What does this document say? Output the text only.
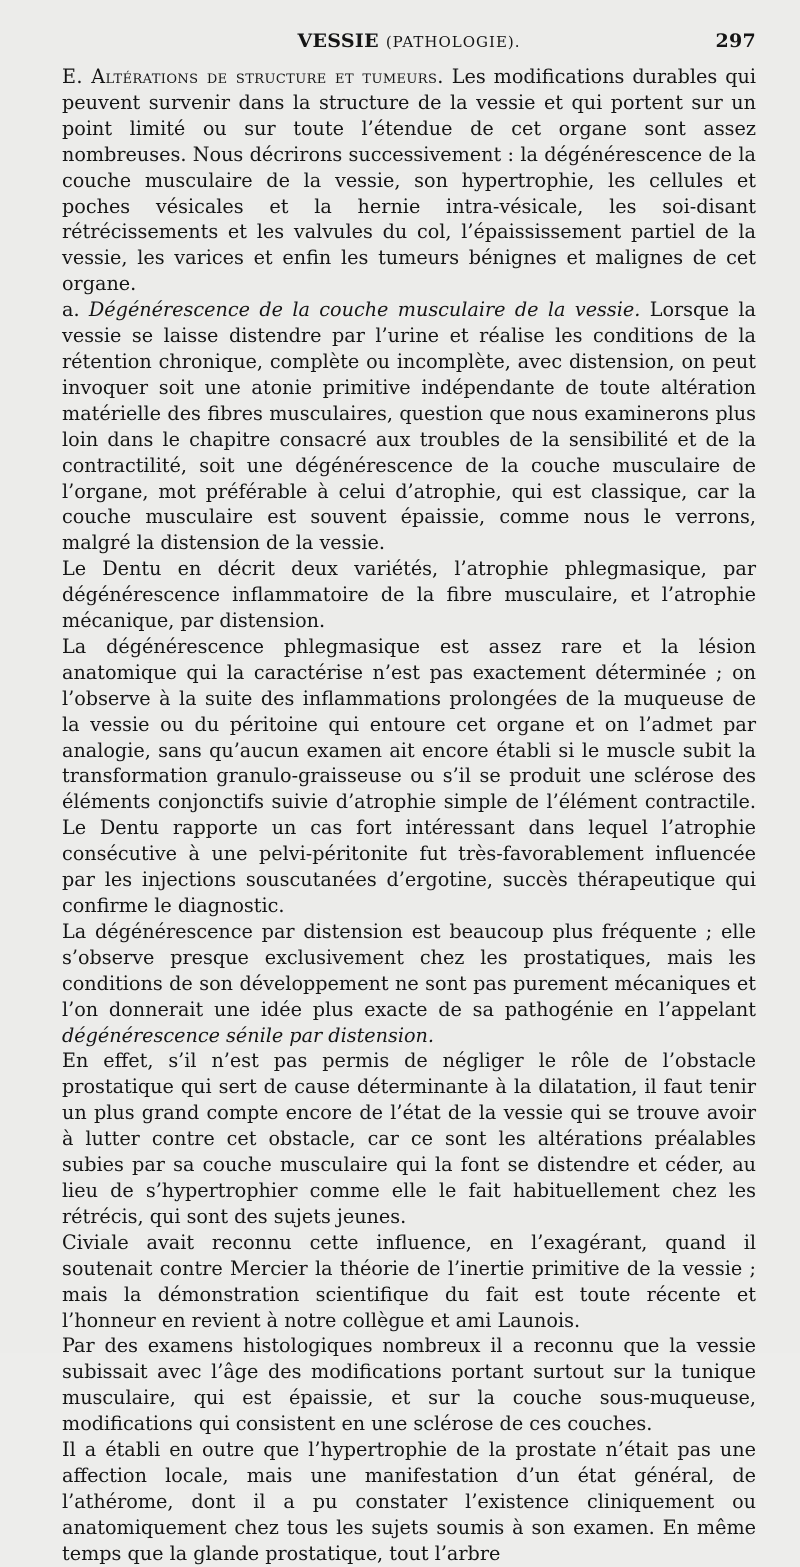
VESSIE (PATHOLOGIE).	297

E. Altérations de structure et tumeurs. Les modifications durables qui peuvent survenir dans la structure de la vessie et qui portent sur un point limité ou sur toute l’étendue de cet organe sont assez nombreuses. Nous décrirons successivement : la dégénérescence de la couche musculaire de la vessie, son hypertrophie, les cellules et poches vésicales et la hernie intra-vésicale, les soi-disant rétrécissements et les valvules du col, l’épaississement partiel de la vessie, les varices et enfin les tumeurs bénignes et malignes de cet organe.

a. Dégénérescence de la couche musculaire de la vessie. Lorsque la vessie se laisse distendre par l’urine et réalise les conditions de la rétention chronique, complète ou incomplète, avec distension, on peut invoquer soit une atonie primitive indépendante de toute altération matérielle des fibres musculaires, question que nous examinerons plus loin dans le chapitre consacré aux troubles de la sensibilité et de la contractilité, soit une dégénérescence de la couche musculaire de l’organe, mot préférable à celui d’atrophie, qui est classique, car la couche musculaire est souvent épaissie, comme nous le verrons, malgré la distension de la vessie.

Le Dentu en décrit deux variétés, l’atrophie phlegmasique, par dégénérescence inflammatoire de la fibre musculaire, et l’atrophie mécanique, par distension.

La dégénérescence phlegmasique est assez rare et la lésion anatomique qui la caractérise n’est pas exactement déterminée ; on l’observe à la suite des inflammations prolongées de la muqueuse de la vessie ou du péritoine qui entoure cet organe et on l’admet par analogie, sans qu’aucun examen ait encore établi si le muscle subit la transformation granulo-graisseuse ou s’il se produit une sclérose des éléments conjonctifs suivie d’atrophie simple de l’élément contractile. Le Dentu rapporte un cas fort intéressant dans lequel l’atrophie consécutive à une pelvi-péritonite fut très-favorablement influencée par les injections souscutanées d’ergotine, succès thérapeutique qui confirme le diagnostic.

La dégénérescence par distension est beaucoup plus fréquente ; elle s’observe presque exclusivement chez les prostatiques, mais les conditions de son développement ne sont pas purement mécaniques et l’on donnerait une idée plus exacte de sa pathogénie en l’appelant dégénérescence sénile par distension.

En effet, s’il n’est pas permis de négliger le rôle de l’obstacle prostatique qui sert de cause déterminante à la dilatation, il faut tenir un plus grand compte encore de l’état de la vessie qui se trouve avoir à lutter contre cet obstacle, car ce sont les altérations préalables subies par sa couche musculaire qui la font se distendre et céder, au lieu de s’hypertrophier comme elle le fait habituellement chez les rétrécis, qui sont des sujets jeunes.

Civiale avait reconnu cette influence, en l’exagérant, quand il soutenait contre Mercier la théorie de l’inertie primitive de la vessie ; mais la démonstration scientifique du fait est toute récente et l’honneur en revient à notre collègue et ami Launois.

Par des examens histologiques nombreux il a reconnu que la vessie subissait avec l’âge des modifications portant surtout sur la tunique musculaire, qui est épaissie, et sur la couche sous-muqueuse, modifications qui consistent en une sclérose de ces couches.

Il a établi en outre que l’hypertrophie de la prostate n’était pas une affection locale, mais une manifestation d’un état général, de l’athérome, dont il a pu constater l’existence cliniquement ou anatomiquement chez tous les sujets soumis à son examen. En même temps que la glande prostatique, tout l’arbre
